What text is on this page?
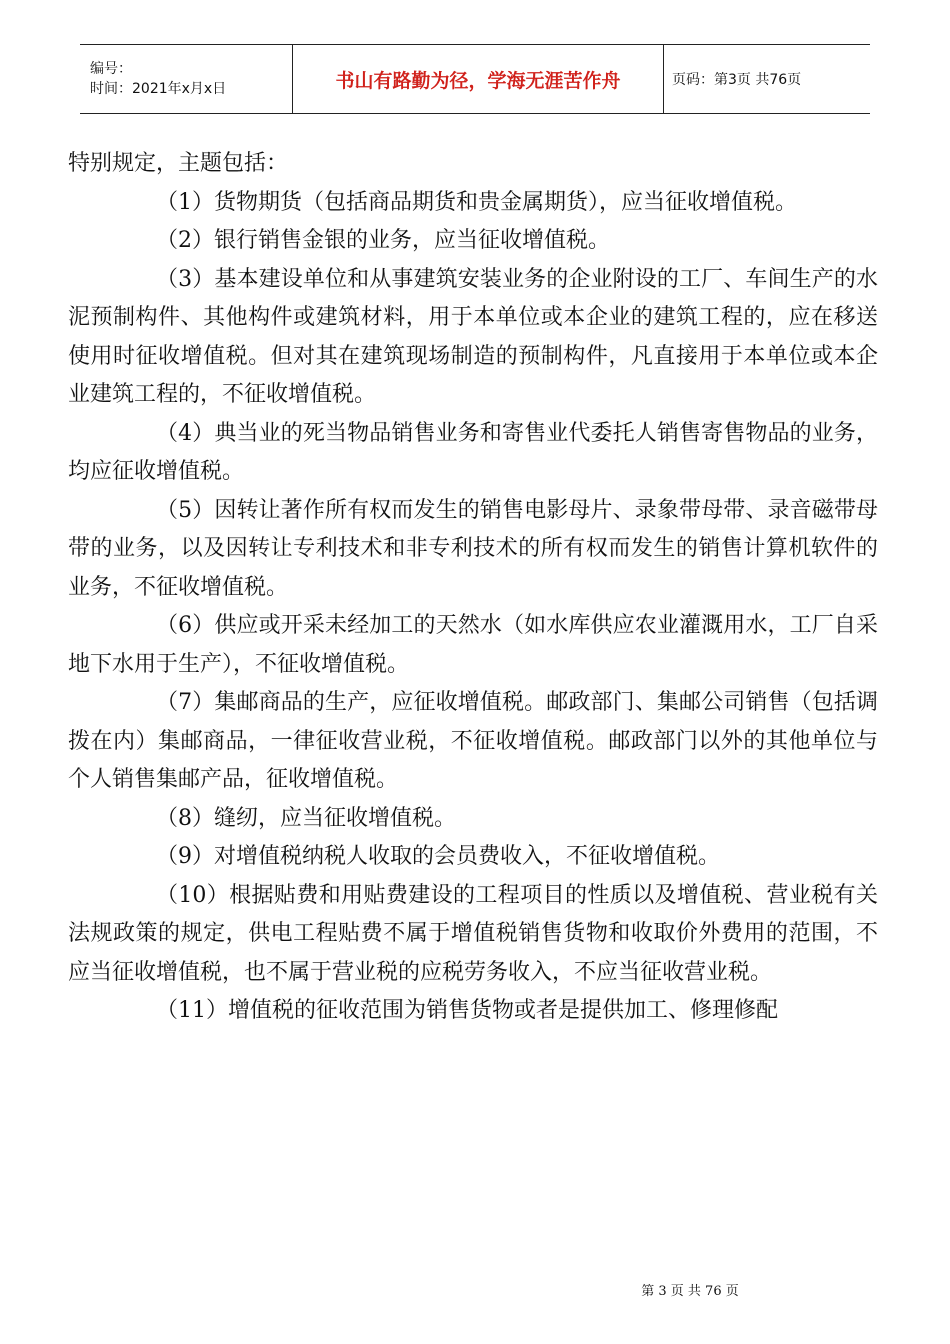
编号：
时间：2021年x月x日	书山有路勤为径，学海无涯苦作舟	页码：第3页 共76页

特别规定，主题包括：

（1）货物期货（包括商品期货和贵金属期货），应当征收增值税。

（2）银行销售金银的业务，应当征收增值税。

（3）基本建设单位和从事建筑安装业务的企业附设的工厂、车间生产的水泥预制构件、其他构件或建筑材料，用于本单位或本企业的建筑工程的，应在移送使用时征收增值税。但对其在建筑现场制造的预制构件，凡直接用于本单位或本企业建筑工程的，不征收增值税。

（4）典当业的死当物品销售业务和寄售业代委托人销售寄售物品的业务，均应征收增值税。

（5）因转让著作所有权而发生的销售电影母片、录象带母带、录音磁带母带的业务，以及因转让专利技术和非专利技术的所有权而发生的销售计算机软件的业务，不征收增值税。

（6）供应或开采未经加工的天然水（如水库供应农业灌溉用水，工厂自采地下水用于生产），不征收增值税。

（7）集邮商品的生产，应征收增值税。邮政部门、集邮公司销售（包括调拨在内）集邮商品，一律征收营业税，不征收增值税。邮政部门以外的其他单位与个人销售集邮产品，征收增值税。

（8）缝纫，应当征收增值税。

（9）对增值税纳税人收取的会员费收入，不征收增值税。

（10）根据贴费和用贴费建设的工程项目的性质以及增值税、营业税有关法规政策的规定，供电工程贴费不属于增值税销售货物和收取价外费用的范围，不应当征收增值税，也不属于营业税的应税劳务收入，不应当征收营业税。

（11）增值税的征收范围为销售货物或者是提供加工、修理修配

第 3 页 共 76 页
